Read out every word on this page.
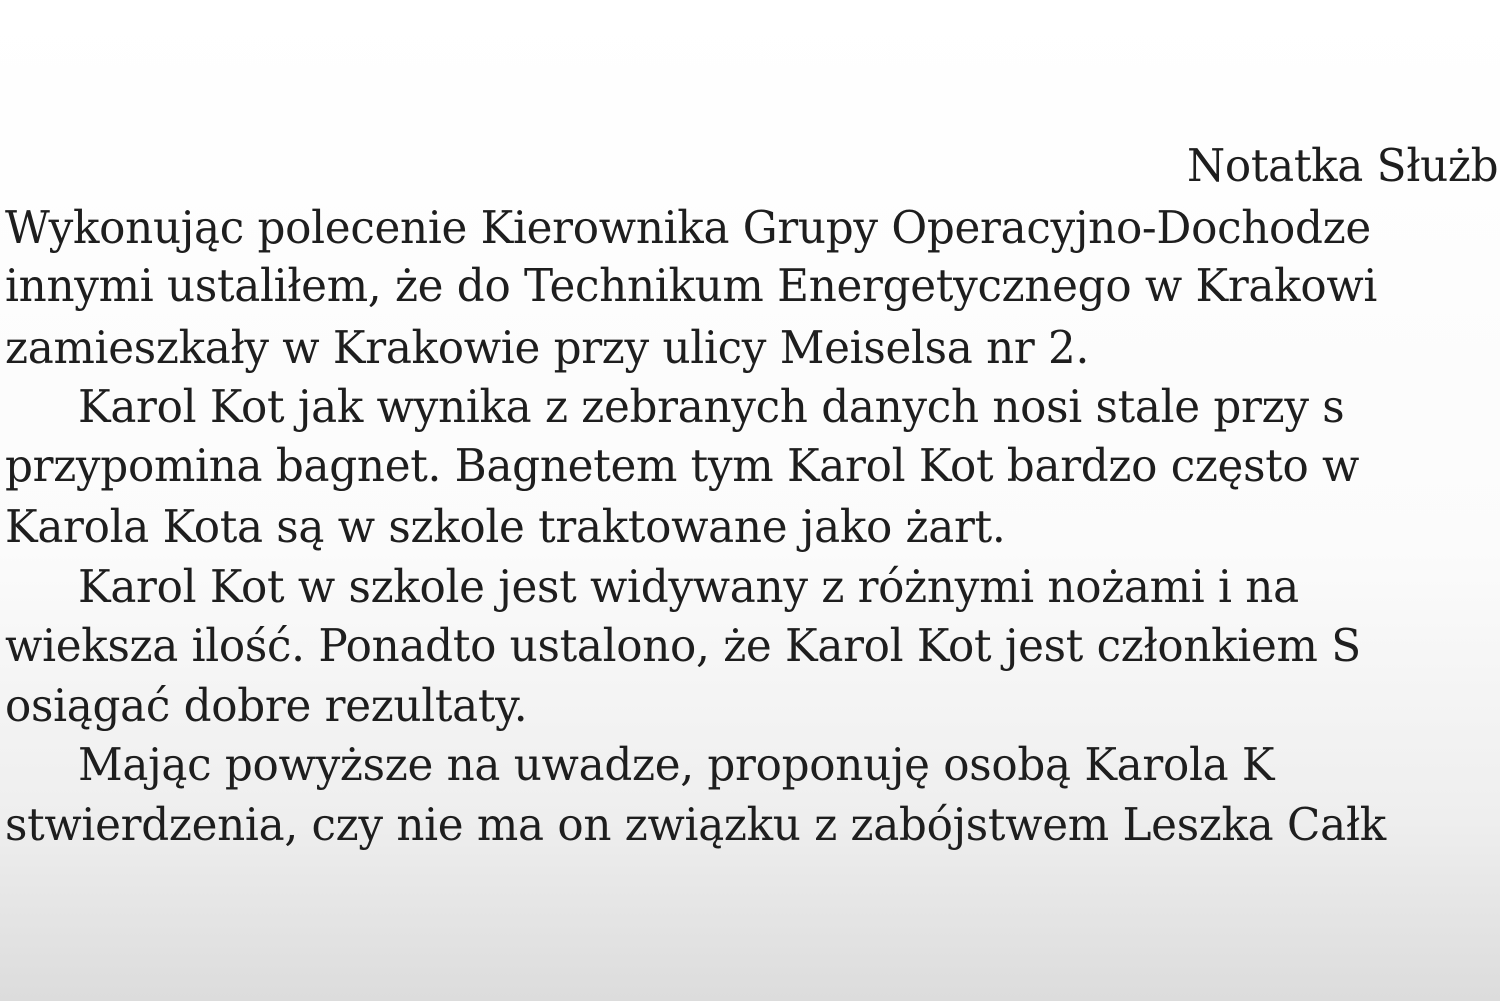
Notatka Służb
Wykonując polecenie Kierownika Grupy Operacyjno-Dochodze
innymi ustaliłem, że do Technikum Energetycznego w Krakowi
zamieszkały w Krakowie przy ulicy Meiselsa nr 2.
Karol Kot jak wynika z zebranych danych nosi stale przy s
przypomina bagnet. Bagnetem tym Karol Kot bardzo często w
Karola Kota są w szkole traktowane jako żart.
Karol Kot w szkole jest widywany z różnymi nożami i na
wieksza ilość. Ponadto ustalono, że Karol Kot jest członkiem S
osiągać dobre rezultaty.
Mając powyższe na uwadze, proponuję osobą Karola K
stwierdzenia, czy nie ma on związku z zabójstwem Leszka Całk
